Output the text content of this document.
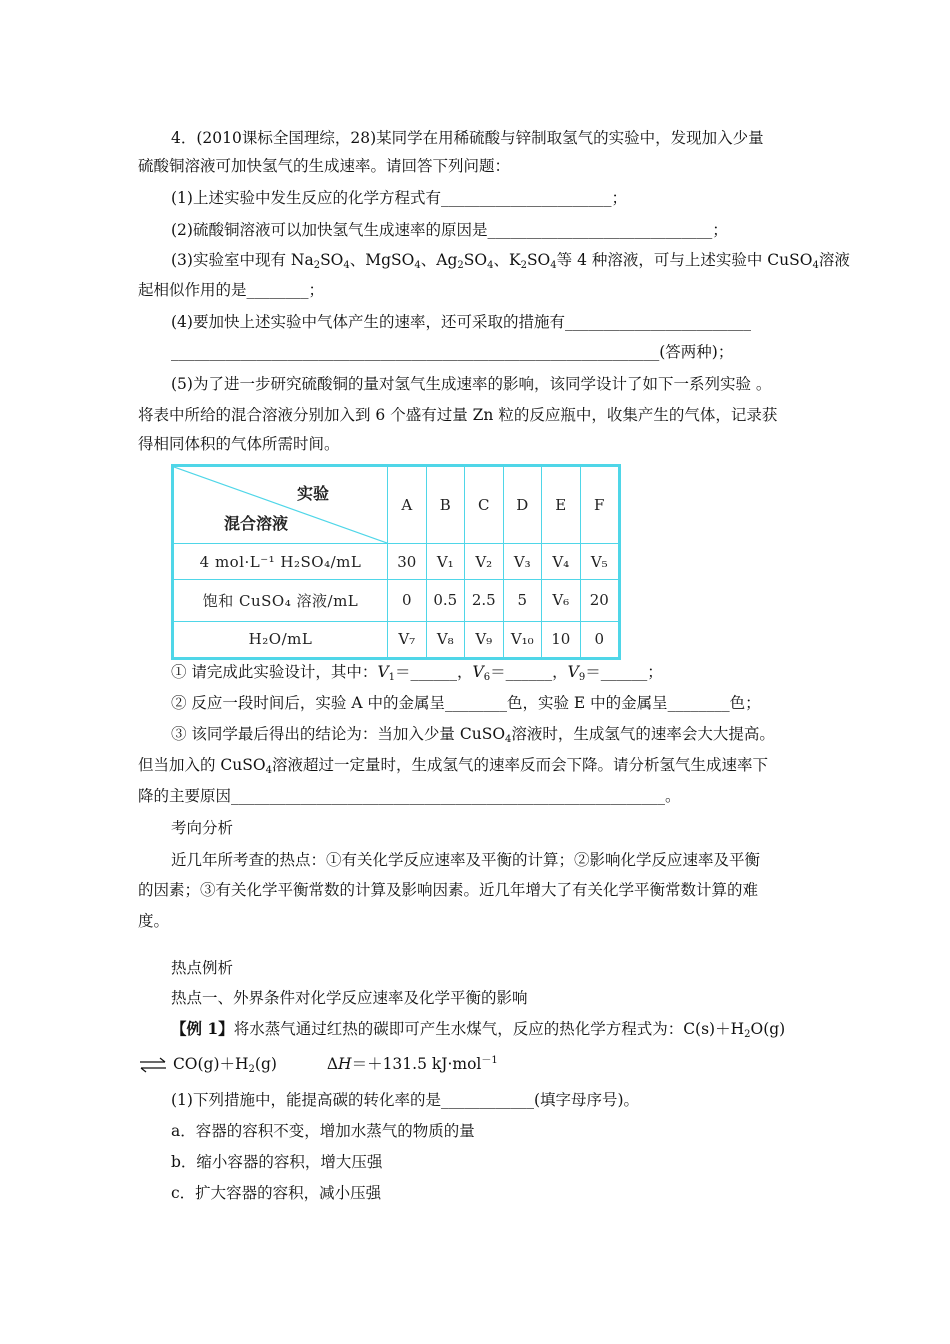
4．(2010课标全国理综，28)某同学在用稀硫酸与锌制取氢气的实验中，发现加入少量
硫酸铜溶液可加快氢气的生成速率。请回答下列问题：
(1)上述实验中发生反应的化学方程式有______________________；
(2)硫酸铜溶液可以加快氢气生成速率的原因是_____________________________；
(3)实验室中现有 $Na_2SO_4$、MgSO$_4$、$Ag_2SO_4$、$K_2SO_4$等 4 种溶液，可与上述实验中 CuSO$_4$溶液
起相似作用的是________；
(4)要加快上述实验中气体产生的速率，还可采取的措施有________________________
_______________________________________________________________(答两种)；
(5)为了进一步研究硫酸铜的量对氢气生成速率的影响，该同学设计了如下一系列实验 。
将表中所给的混合溶液分别加入到 6 个盛有过量 Zn 粒的反应瓶中，收集产生的气体，记录获
得相同体积的气体所需时间。
实验
混合溶液	A	B	C	D	E	F
4 mol·L⁻¹ H₂SO₄/mL	30	V₁	V₂	V₃	V₄	V₅
饱和 CuSO₄ 溶液/mL	0	0.5	2.5	5	V₆	20
H₂O/mL	V₇	V₈	V₉	V₁₀	10	0
① 请完成此实验设计，其中：$V_1=\_\_\_\_\_\_$，$V_6=\_\_\_\_\_\_$，$V_9=\_\_\_\_\_\_$；
② 反应一段时间后，实验 A 中的金属呈________色，实验 E 中的金属呈________色；
③ 该同学最后得出的结论为：当加入少量 CuSO$_4$溶液时，生成氢气的速率会大大提高。
但当加入的 CuSO$_4$溶液超过一定量时，生成氢气的速率反而会下降。请分析氢气生成速率下
降的主要原因________________________________________________________。
考向分析
近几年所考查的热点：①有关化学反应速率及平衡的计算；②影响化学反应速率及平衡
的因素；③有关化学平衡常数的计算及影响因素。近几年增大了有关化学平衡常数计算的难
度。
热点例析
热点一、外界条件对化学反应速率及化学平衡的影响
【例 1】将水蒸气通过红热的碳即可产生水煤气，反应的热化学方程式为：$C(s)+H_2O(g)$
⇌ $CO(g)+H_2(g)$	ΔH＝＋131.5 kJ·mol$^{-1}$
(1)下列措施中，能提高碳的转化率的是____________(填字母序号)。
a．容器的容积不变，增加水蒸气的物质的量
b．缩小容器的容积，增大压强
c．扩大容器的容积，减小压强
